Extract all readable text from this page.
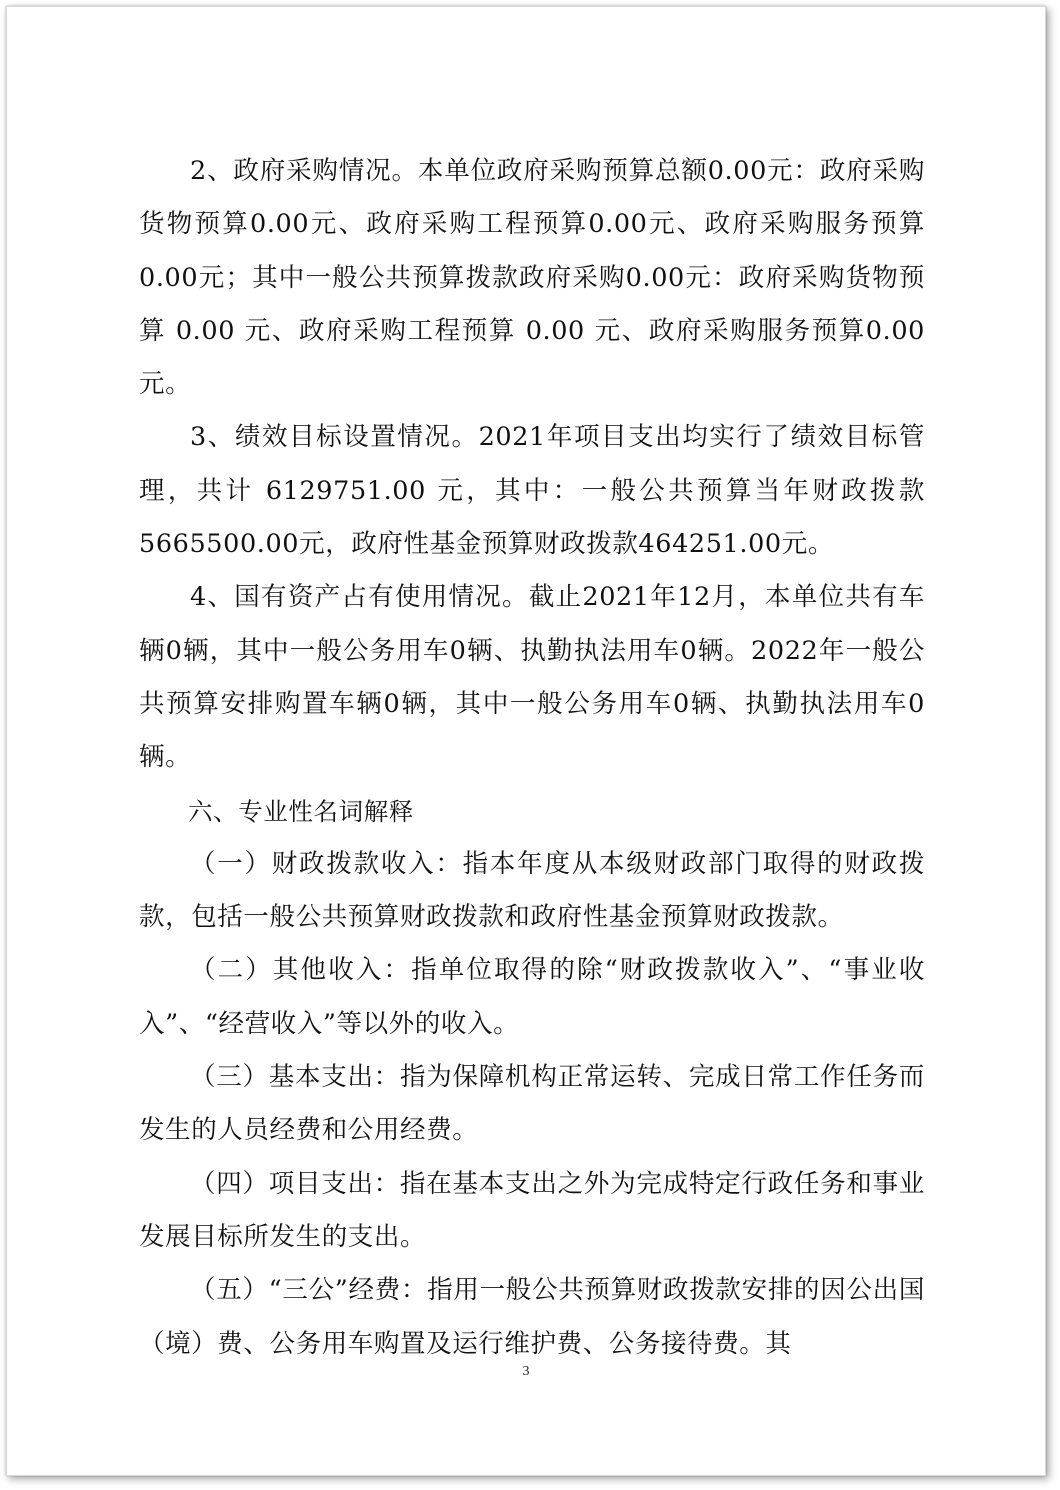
2、政府采购情况。本单位政府采购预算总额0.00元：政府采购货物预算0.00元、政府采购工程预算0.00元、政府采购服务预算0.00元；其中一般公共预算拨款政府采购0.00元：政府采购货物预算 0.00 元、政府采购工程预算 0.00 元、政府采购服务预算0.00元。

3、绩效目标设置情况。2021年项目支出均实行了绩效目标管理，共计 6129751.00 元，其中：一般公共预算当年财政拨款5665500.00元，政府性基金预算财政拨款464251.00元。

4、国有资产占有使用情况。截止2021年12月，本单位共有车辆0辆，其中一般公务用车0辆、执勤执法用车0辆。2022年一般公共预算安排购置车辆0辆，其中一般公务用车0辆、执勤执法用车0辆。

六、专业性名词解释

（一）财政拨款收入：指本年度从本级财政部门取得的财政拨款，包括一般公共预算财政拨款和政府性基金预算财政拨款。

（二）其他收入：指单位取得的除“财政拨款收入”、“事业收入”、“经营收入”等以外的收入。

（三）基本支出：指为保障机构正常运转、完成日常工作任务而发生的人员经费和公用经费。

（四）项目支出：指在基本支出之外为完成特定行政任务和事业发展目标所发生的支出。

（五）“三公”经费：指用一般公共预算财政拨款安排的因公出国（境）费、公务用车购置及运行维护费、公务接待费。其

3
